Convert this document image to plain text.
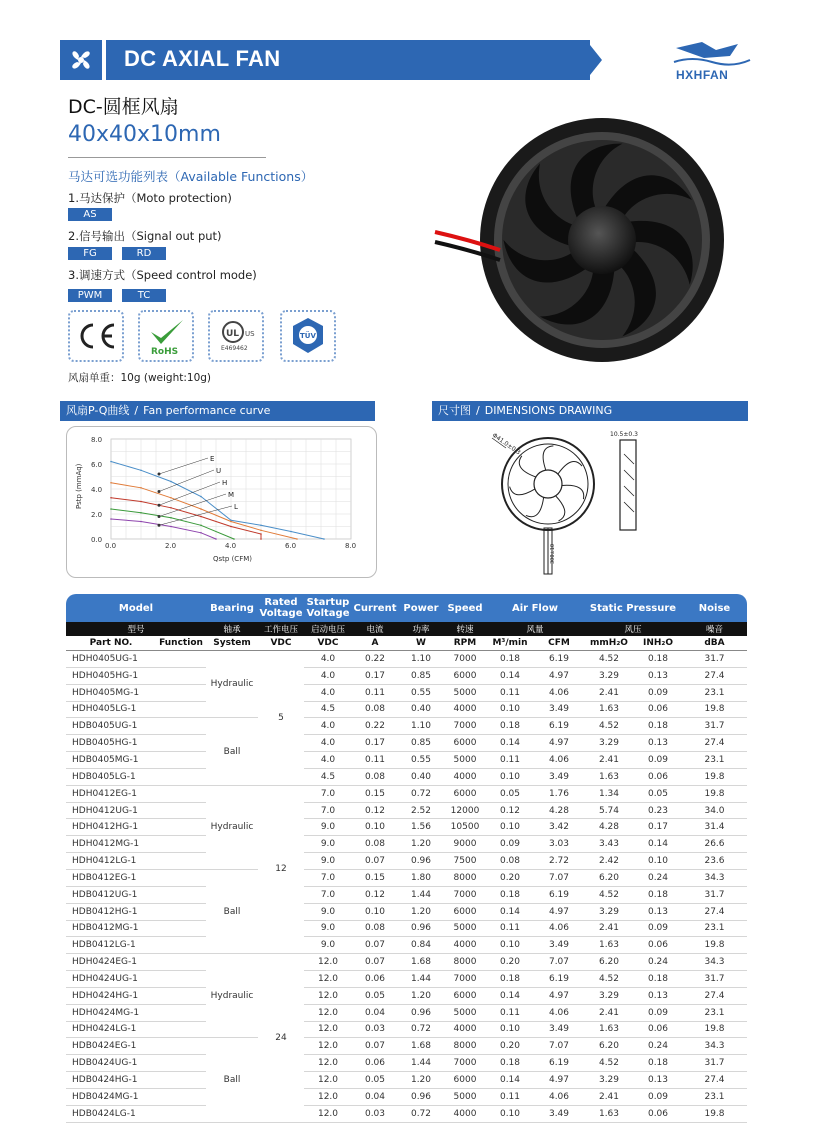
DC AXIAL FAN
HXHFAN
DC-圆框风扇
40x40x10mm
马达可选功能列表（Available Functions）
1.马达保护（Moto protection)
AS
2.信号输出（Signal out put)
FG	RD
3.调速方式（Speed control mode)
PWM	TC
RoHS
UL US
E469462
TÜV
风扇单重：10g (weight:10g)
风扇P-Q曲线 / Fan performance curve	尺寸图 / DIMENSIONS DRAWING
0.0	2.0	4.0	6.0	8.0
0.0
2.0
4.0
6.0
8.0
Qstp (CFM)
Pstp (mmAq)
E
U
H
M
L
300±10
Φ41.0±0.3	10.5±0.3
Model		Bearing	Rated Voltage	Startup Voltage	Current	Power	Speed	Air Flow		Static Pressure		Noise
型号		轴承	工作电压	启动电压	电流	功率	转速	风量		风压		噪音
Part NO.	Function	System	VDC	VDC	A	W	RPM	M³/min	CFM	mmH₂O	INH₂O	dBA
HDH0405UG-1		Hydraulic	5	4.0	0.22	1.10	7000	0.18	6.19	4.52	0.18	31.7
HDH0405HG-1				4.0	0.17	0.85	6000	0.14	4.97	3.29	0.13	27.4
HDH0405MG-1				4.0	0.11	0.55	5000	0.11	4.06	2.41	0.09	23.1
HDH0405LG-1				4.5	0.08	0.40	4000	0.10	3.49	1.63	0.06	19.8
HDB0405UG-1		Ball		4.0	0.22	1.10	7000	0.18	6.19	4.52	0.18	31.7
HDB0405HG-1				4.0	0.17	0.85	6000	0.14	4.97	3.29	0.13	27.4
HDB0405MG-1				4.0	0.11	0.55	5000	0.11	4.06	2.41	0.09	23.1
HDB0405LG-1				4.5	0.08	0.40	4000	0.10	3.49	1.63	0.06	19.8
HDH0412EG-1		Hydraulic	12	7.0	0.15	0.72	6000	0.05	1.76	1.34	0.05	19.8
HDH0412UG-1				7.0	0.12	2.52	12000	0.12	4.28	5.74	0.23	34.0
HDH0412HG-1				9.0	0.10	1.56	10500	0.10	3.42	4.28	0.17	31.4
HDH0412MG-1				9.0	0.08	1.20	9000	0.09	3.03	3.43	0.14	26.6
HDH0412LG-1				9.0	0.07	0.96	7500	0.08	2.72	2.42	0.10	23.6
HDB0412EG-1		Ball		7.0	0.15	1.80	8000	0.20	7.07	6.20	0.24	34.3
HDB0412UG-1				7.0	0.12	1.44	7000	0.18	6.19	4.52	0.18	31.7
HDB0412HG-1				9.0	0.10	1.20	6000	0.14	4.97	3.29	0.13	27.4
HDB0412MG-1				9.0	0.08	0.96	5000	0.11	4.06	2.41	0.09	23.1
HDB0412LG-1				9.0	0.07	0.84	4000	0.10	3.49	1.63	0.06	19.8
HDH0424EG-1		Hydraulic	24	12.0	0.07	1.68	8000	0.20	7.07	6.20	0.24	34.3
HDH0424UG-1				12.0	0.06	1.44	7000	0.18	6.19	4.52	0.18	31.7
HDH0424HG-1				12.0	0.05	1.20	6000	0.14	4.97	3.29	0.13	27.4
HDH0424MG-1				12.0	0.04	0.96	5000	0.11	4.06	2.41	0.09	23.1
HDH0424LG-1				12.0	0.03	0.72	4000	0.10	3.49	1.63	0.06	19.8
HDB0424EG-1		Ball		12.0	0.07	1.68	8000	0.20	7.07	6.20	0.24	34.3
HDB0424UG-1				12.0	0.06	1.44	7000	0.18	6.19	4.52	0.18	31.7
HDB0424HG-1				12.0	0.05	1.20	6000	0.14	4.97	3.29	0.13	27.4
HDB0424MG-1				12.0	0.04	0.96	5000	0.11	4.06	2.41	0.09	23.1
HDB0424LG-1				12.0	0.03	0.72	4000	0.10	3.49	1.63	0.06	19.8
